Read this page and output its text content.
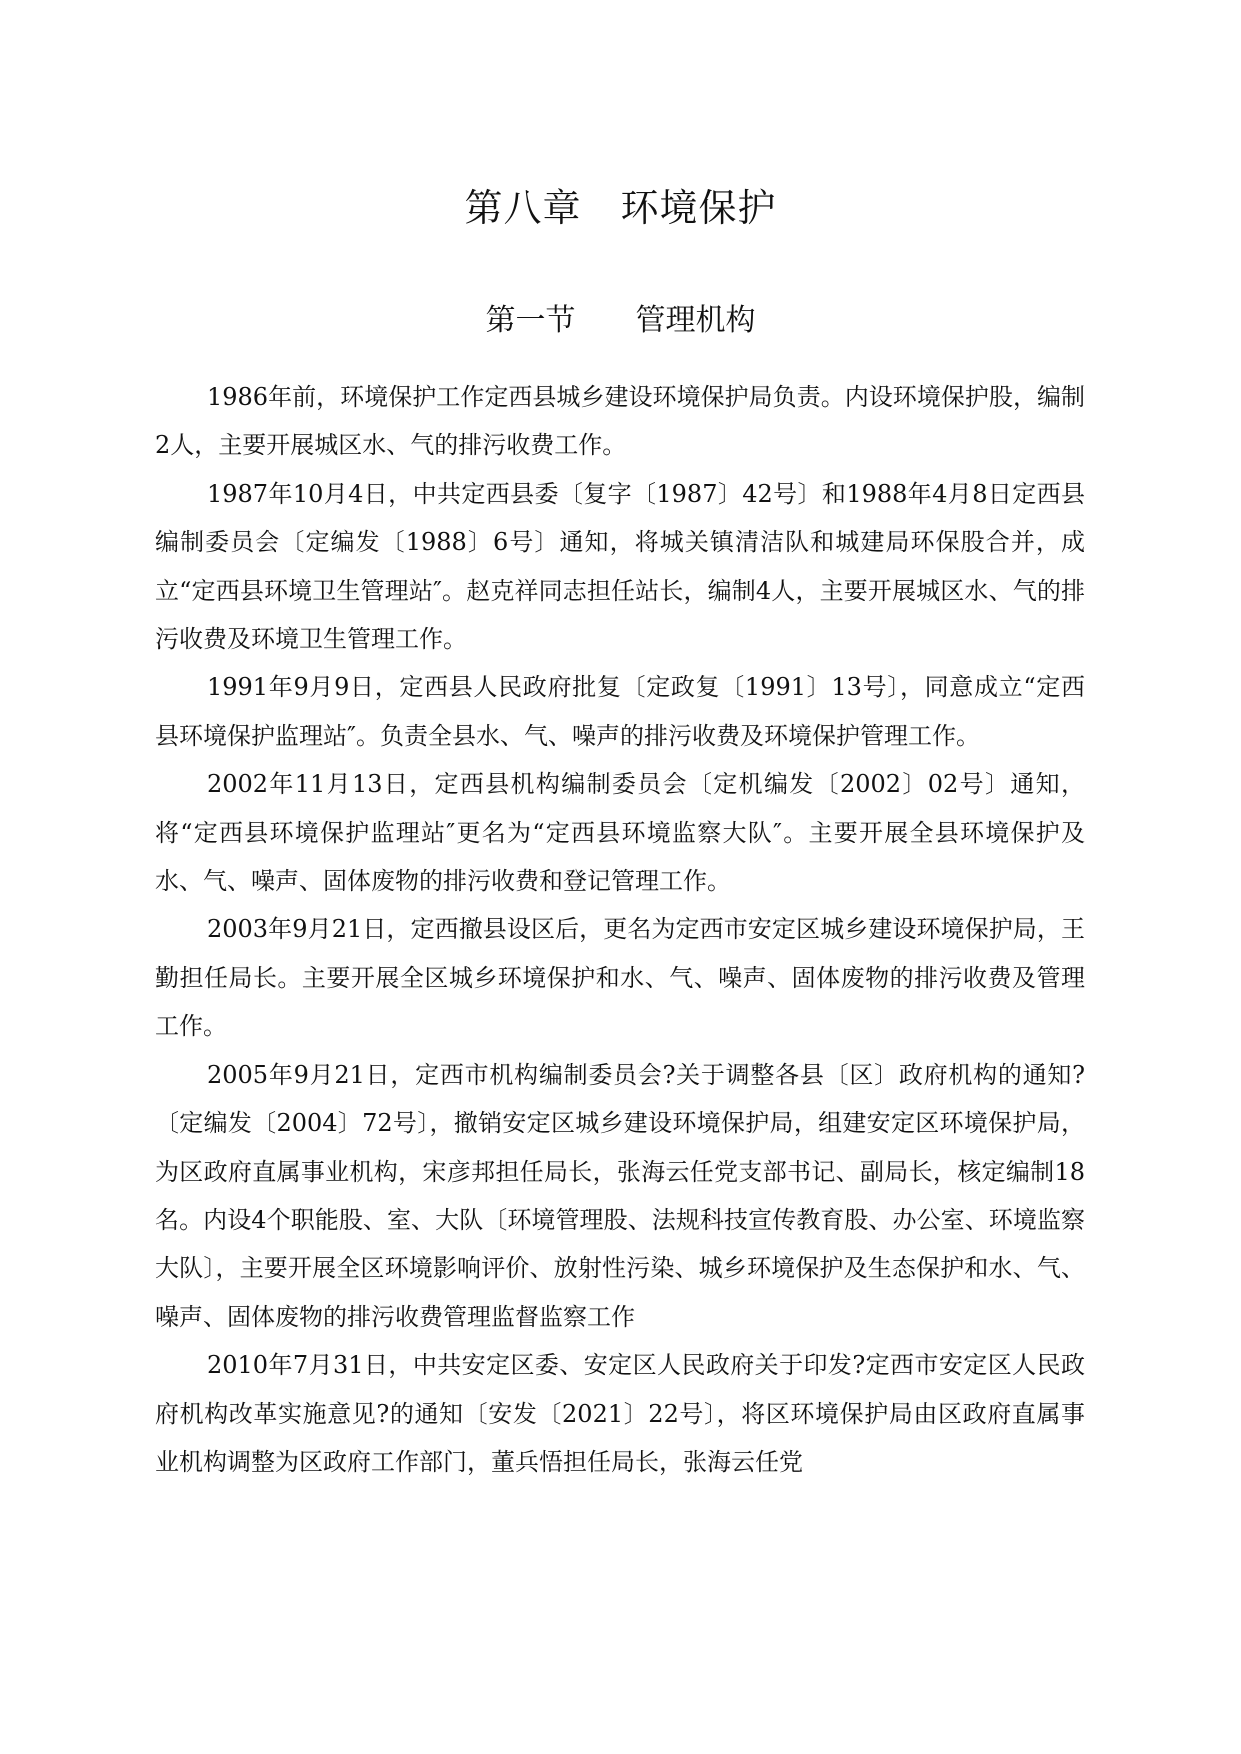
第八章　环境保护
第一节　　管理机构

1986年前，环境保护工作定西县城乡建设环境保护局负责。内设环境保护股，编制2人，主要开展城区水、气的排污收费工作。

1987年10月4日，中共定西县委〔复字〔1987〕42号〕和1988年4月8日定西县编制委员会〔定编发〔1988〕6号〕通知，将城关镇清洁队和城建局环保股合并，成立“定西县环境卫生管理站″。赵克祥同志担任站长，编制4人，主要开展城区水、气的排污收费及环境卫生管理工作。

1991年9月9日，定西县人民政府批复〔定政复〔1991〕13号〕，同意成立“定西县环境保护监理站″。负责全县水、气、噪声的排污收费及环境保护管理工作。

2002年11月13日，定西县机构编制委员会〔定机编发〔2002〕02号〕通知，将“定西县环境保护监理站″更名为“定西县环境监察大队″。主要开展全县环境保护及水、气、噪声、固体废物的排污收费和登记管理工作。

2003年9月21日，定西撤县设区后，更名为定西市安定区城乡建设环境保护局，王勤担任局长。主要开展全区城乡环境保护和水、气、噪声、固体废物的排污收费及管理工作。

2005年9月21日，定西市机构编制委员会?关于调整各县〔区〕政府机构的通知?〔定编发〔2004〕72号〕，撤销安定区城乡建设环境保护局，组建安定区环境保护局，为区政府直属事业机构，宋彦邦担任局长，张海云任党支部书记、副局长，核定编制18名。内设4个职能股、室、大队〔环境管理股、法规科技宣传教育股、办公室、环境监察大队〕，主要开展全区环境影响评价、放射性污染、城乡环境保护及生态保护和水、气、噪声、固体废物的排污收费管理监督监察工作

2010年7月31日，中共安定区委、安定区人民政府关于印发?定西市安定区人民政府机构改革实施意见?的通知〔安发〔2021〕22号〕，将区环境保护局由区政府直属事业机构调整为区政府工作部门，董兵悟担任局长，张海云任党
